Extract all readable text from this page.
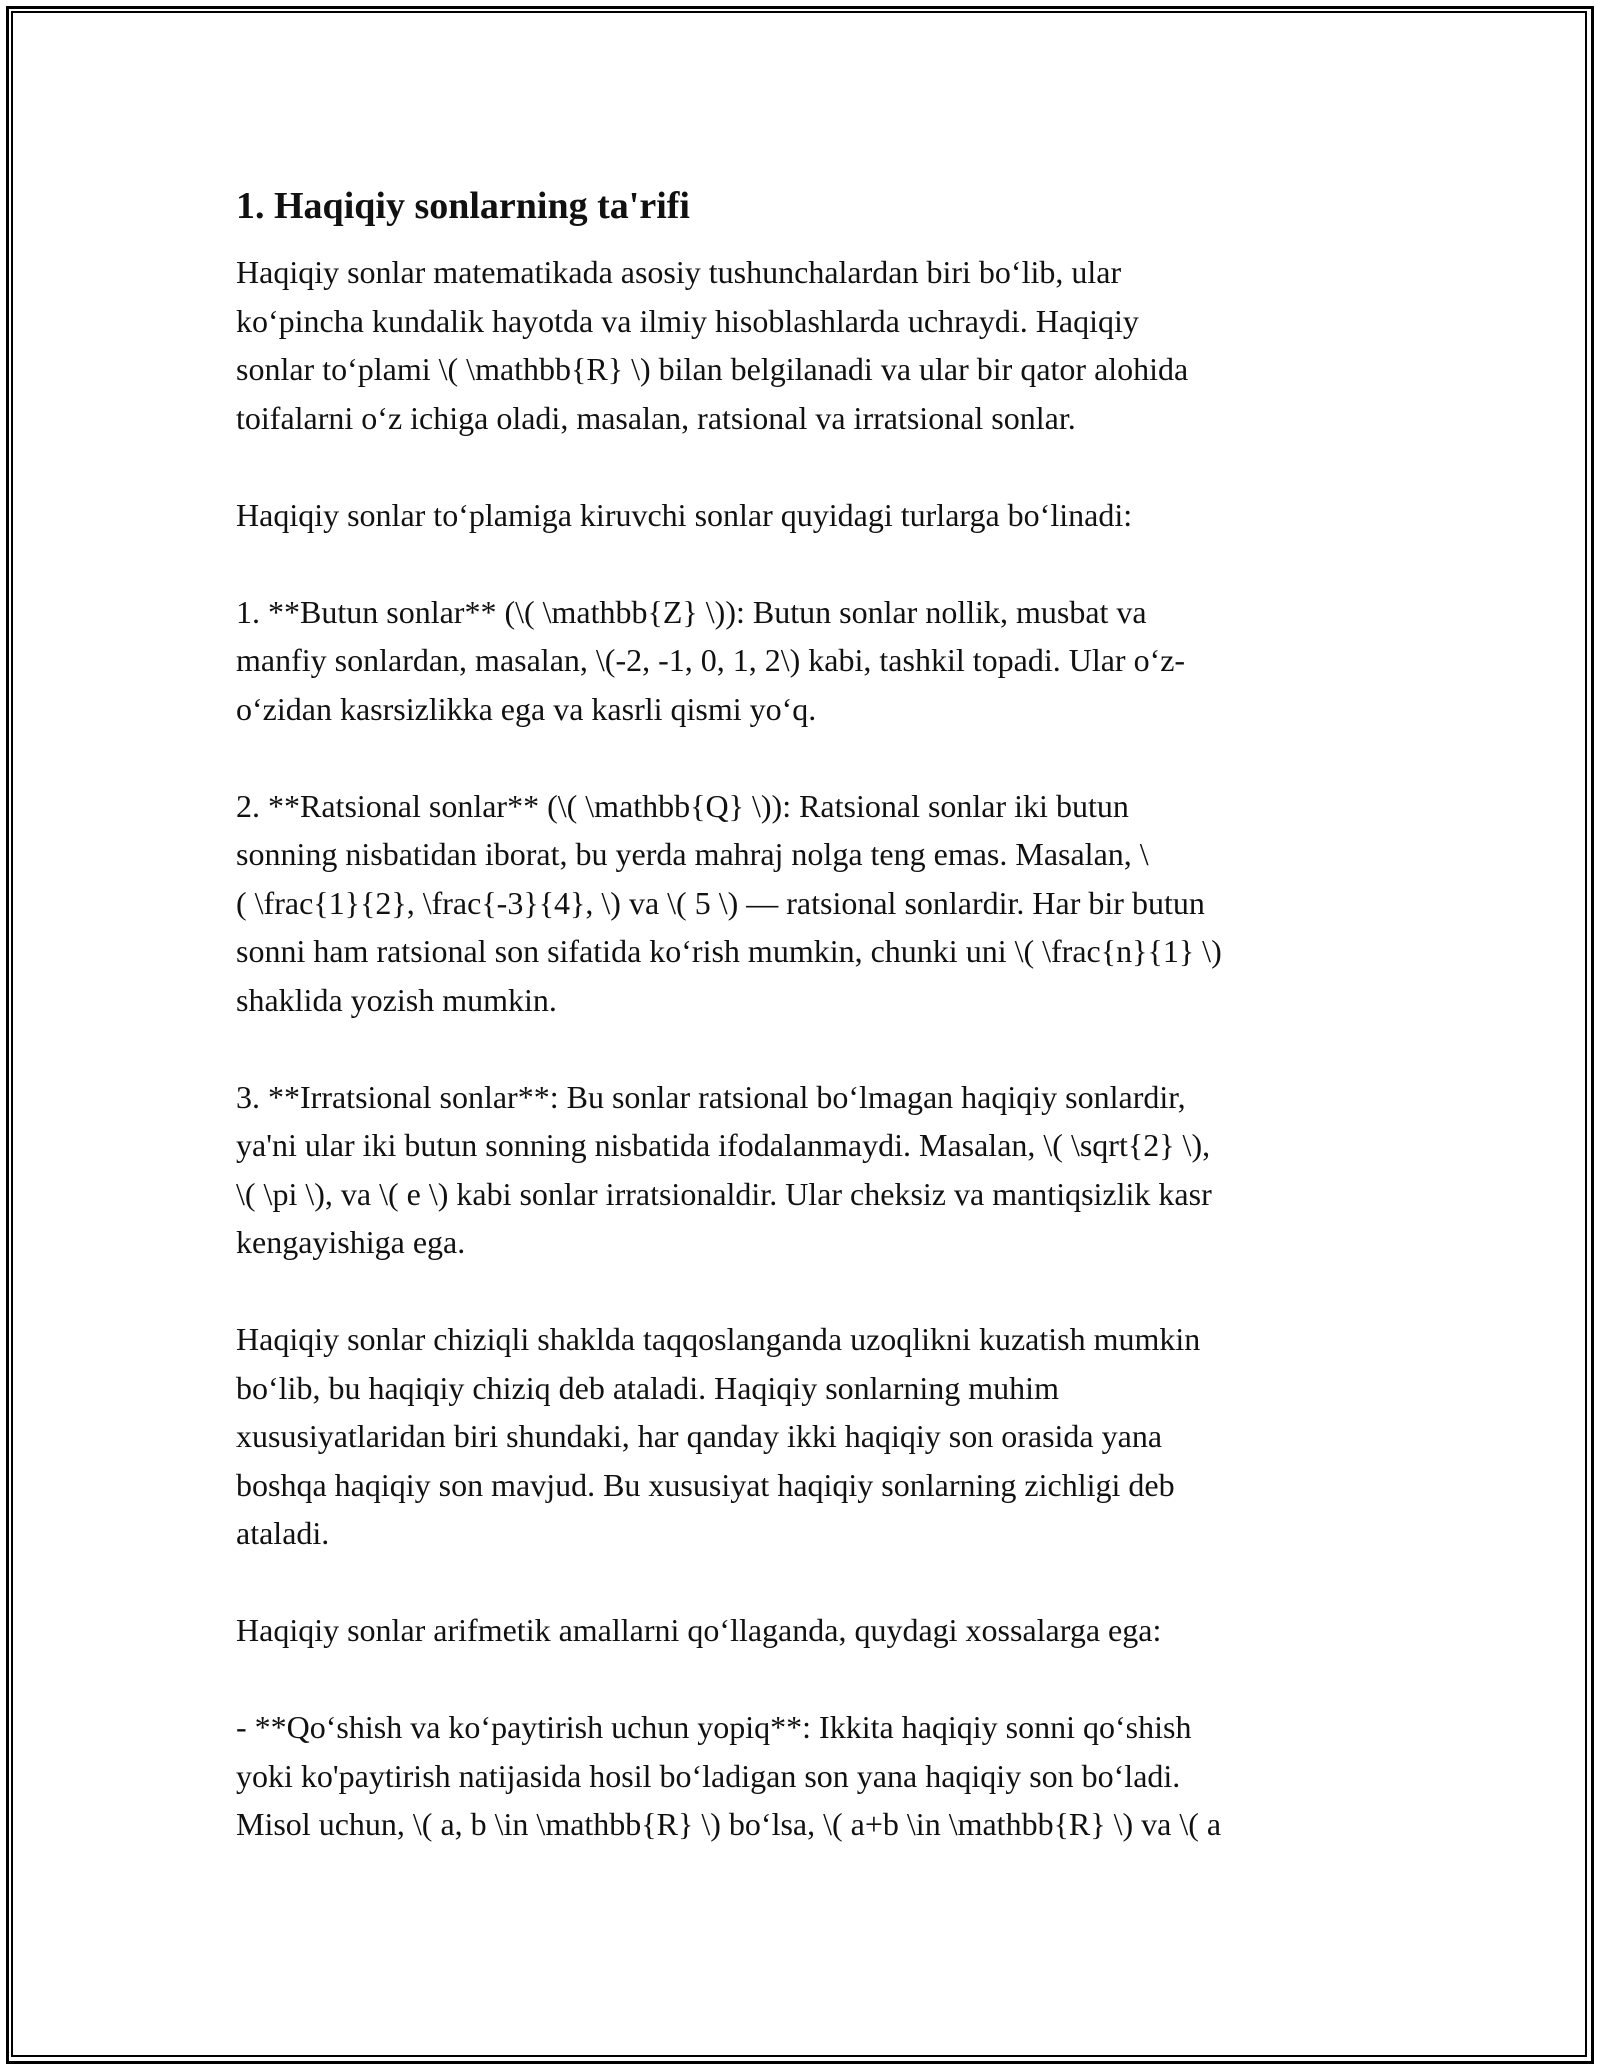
1. Haqiqiy sonlarning ta'rifi

Haqiqiy sonlar matematikada asosiy tushunchalardan biri bo‘lib, ular
ko‘pincha kundalik hayotda va ilmiy hisoblashlarda uchraydi. Haqiqiy
sonlar to‘plami \( \mathbb{R} \) bilan belgilanadi va ular bir qator alohida
toifalarni o‘z ichiga oladi, masalan, ratsional va irratsional sonlar.

Haqiqiy sonlar to‘plamiga kiruvchi sonlar quyidagi turlarga bo‘linadi:

1. **Butun sonlar** (\( \mathbb{Z} \)): Butun sonlar nollik, musbat va
manfiy sonlardan, masalan, \(-2, -1, 0, 1, 2\) kabi, tashkil topadi. Ular o‘z-
o‘zidan kasrsizlikka ega va kasrli qismi yo‘q.

2. **Ratsional sonlar** (\( \mathbb{Q} \)): Ratsional sonlar iki butun
sonning nisbatidan iborat, bu yerda mahraj nolga teng emas. Masalan, \
( \frac{1}{2}, \frac{-3}{4}, \) va \( 5 \) — ratsional sonlardir. Har bir butun
sonni ham ratsional son sifatida ko‘rish mumkin, chunki uni \( \frac{n}{1} \)
shaklida yozish mumkin.

3. **Irratsional sonlar**: Bu sonlar ratsional bo‘lmagan haqiqiy sonlardir,
ya'ni ular iki butun sonning nisbatida ifodalanmaydi. Masalan, \( \sqrt{2} \),
\( \pi \), va \( e \) kabi sonlar irratsionaldir. Ular cheksiz va mantiqsizlik kasr
kengayishiga ega.

Haqiqiy sonlar chiziqli shakldа taqqoslanganda uzoqlikni kuzatish mumkin
bo‘lib, bu haqiqiy chiziq deb ataladi. Haqiqiy sonlarning muhim
xususiyatlaridan biri shundaki, har qanday ikki haqiqiy son orasida yana
boshqa haqiqiy son mavjud. Bu xususiyat haqiqiy sonlarning zichligi deb
ataladi.

Haqiqiy sonlar arifmetik amallarni qo‘llaganda, quydagi xossalarga ega:

- **Qo‘shish va ko‘paytirish uchun yopiq**: Ikkita haqiqiy sonni qo‘shish
yoki ko'paytirish natijasida hosil bo‘ladigan son yana haqiqiy son bo‘ladi.
Misol uchun, \( a, b \in \mathbb{R} \) bo‘lsa, \( a+b \in \mathbb{R} \) va \( a
